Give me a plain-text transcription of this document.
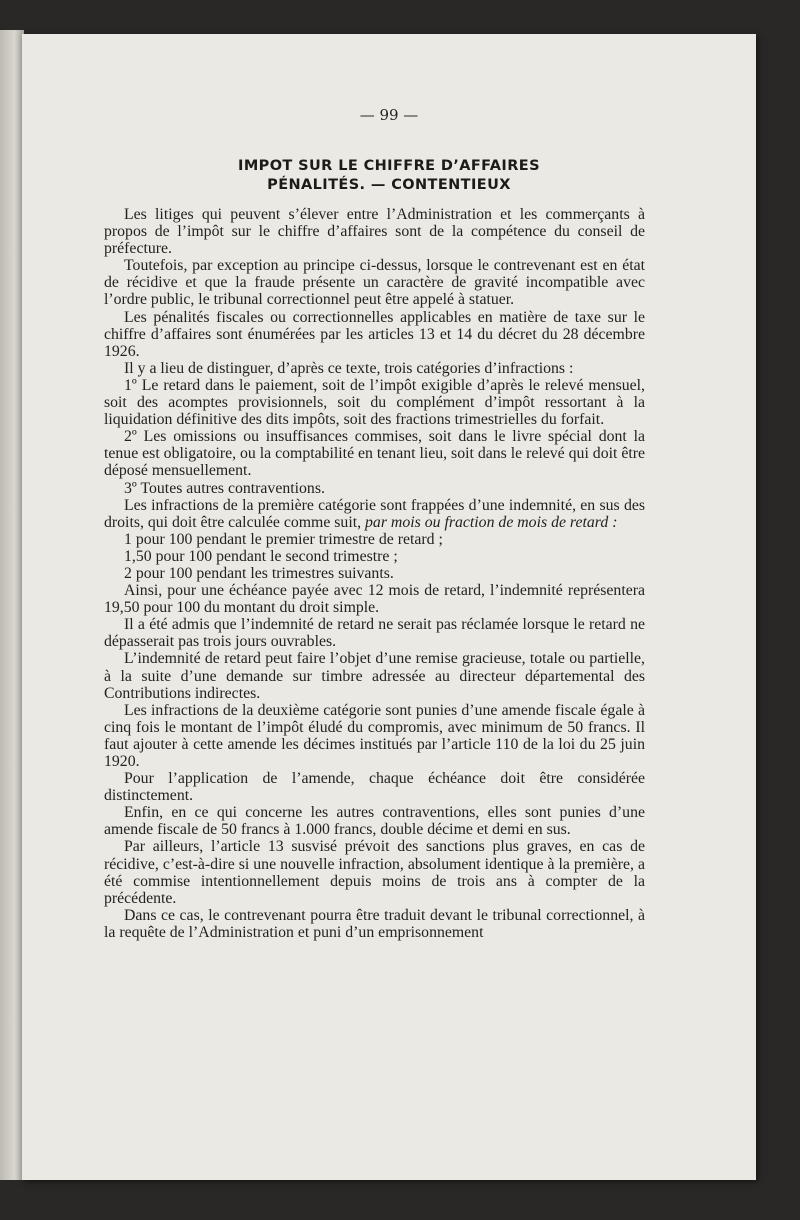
— 99 —
IMPOT SUR LE CHIFFRE D’AFFAIRES
PÉNALITÉS. — CONTENTIEUX

Les litiges qui peuvent s’élever entre l’Administration et les commerçants à propos de l’impôt sur le chiffre d’affaires sont de la compétence du conseil de préfecture.

Toutefois, par exception au principe ci-dessus, lorsque le contrevenant est en état de récidive et que la fraude présente un caractère de gravité incompatible avec l’ordre public, le tribunal correctionnel peut être appelé à statuer.

Les pénalités fiscales ou correctionnelles applicables en matière de taxe sur le chiffre d’affaires sont énumérées par les articles 13 et 14 du décret du 28 décembre 1926.

Il y a lieu de distinguer, d’après ce texte, trois catégories d’infractions :

1º Le retard dans le paiement, soit de l’impôt exigible d’après le relevé mensuel, soit des acomptes provisionnels, soit du complément d’impôt ressortant à la liquidation définitive des dits impôts, soit des fractions trimestrielles du forfait.

2º Les omissions ou insuffisances commises, soit dans le livre spécial dont la tenue est obligatoire, ou la comptabilité en tenant lieu, soit dans le relevé qui doit être déposé mensuellement.

3º Toutes autres contraventions.

Les infractions de la première catégorie sont frappées d’une indemnité, en sus des droits, qui doit être calculée comme suit, par mois ou fraction de mois de retard :

1 pour 100 pendant le premier trimestre de retard ;

1,50 pour 100 pendant le second trimestre ;

2 pour 100 pendant les trimestres suivants.

Ainsi, pour une échéance payée avec 12 mois de retard, l’indemnité représentera 19,50 pour 100 du montant du droit simple.

Il a été admis que l’indemnité de retard ne serait pas réclamée lorsque le retard ne dépasserait pas trois jours ouvrables.

L’indemnité de retard peut faire l’objet d’une remise gracieuse, totale ou partielle, à la suite d’une demande sur timbre adressée au directeur départemental des Contributions indirectes.

Les infractions de la deuxième catégorie sont punies d’une amende fiscale égale à cinq fois le montant de l’impôt éludé du compromis, avec minimum de 50 francs. Il faut ajouter à cette amende les décimes institués par l’article 110 de la loi du 25 juin 1920.

Pour l’application de l’amende, chaque échéance doit être considérée distinctement.

Enfin, en ce qui concerne les autres contraventions, elles sont punies d’une amende fiscale de 50 francs à 1.000 francs, double décime et demi en sus.

Par ailleurs, l’article 13 susvisé prévoit des sanctions plus graves, en cas de récidive, c’est-à-dire si une nouvelle infraction, absolument identique à la première, a été commise intentionnellement depuis moins de trois ans à compter de la précédente.

Dans ce cas, le contrevenant pourra être traduit devant le tribunal correctionnel, à la requête de l’Administration et puni d’un emprisonnement
